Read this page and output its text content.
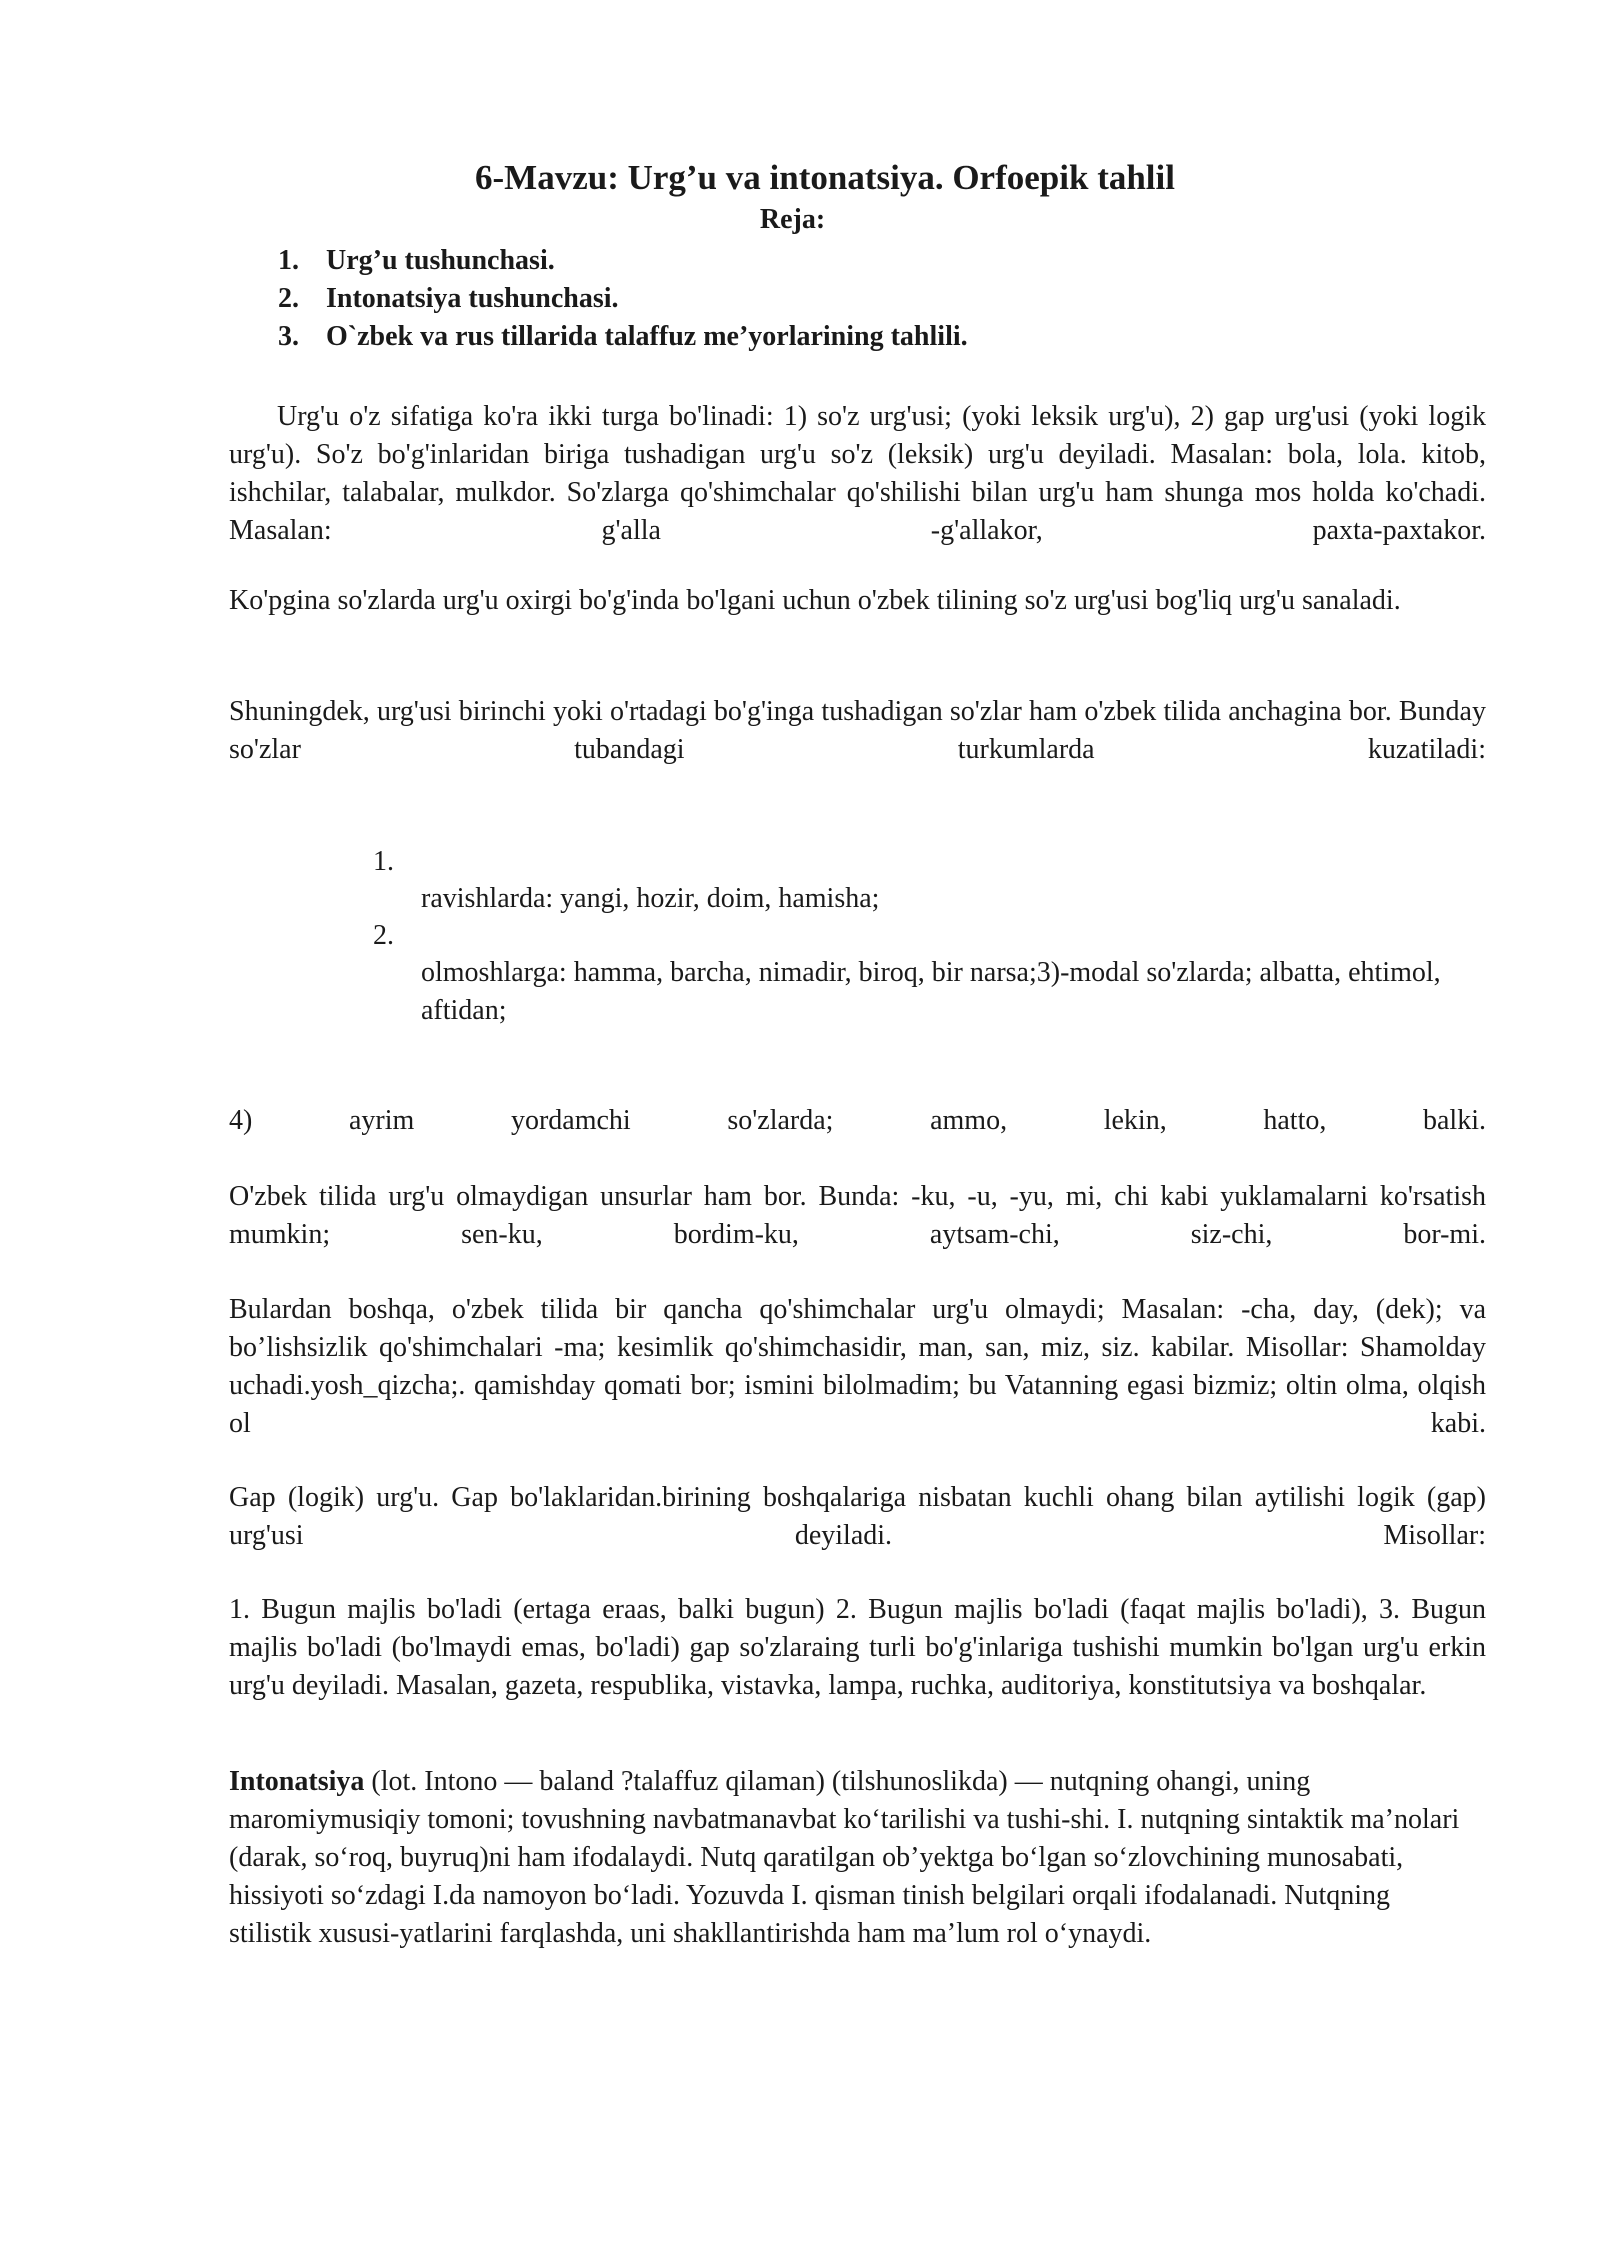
6-Mavzu: Urg’u va intonatsiya. Orfoepik tahlil
Reja:
1. Urg’u tushunchasi.
2. Intonatsiya tushunchasi.
3. O`zbek va rus tillarida talaffuz me’yorlarining tahlili.

Urg'u o'z sifatiga ko'ra ikki turga bo'linadi: 1) so'z urg'usi; (yoki leksik urg'u), 2) gap urg'usi (yoki logik urg'u). So'z bo'g'inlaridan biriga tushadigan urg'u so'z (leksik) urg'u deyiladi. Masalan: bola, lola. kitob, ishchilar, talabalar, mulkdor. So'zlarga qo'shimchalar qo'shilishi bilan urg'u ham shunga mos holda ko'chadi. Masalan: g'alla -g'allakor, paxta-paxtakor.

Ko'pgina so'zlarda urg'u oxirgi bo'g'inda bo'lgani uchun o'zbek tilining so'z urg'usi bog'liq urg'u sanaladi.

Shuningdek, urg'usi birinchi yoki o'rtadagi bo'g'inga tushadigan so'zlar ham o'zbek tilida anchagina bor. Bunday so'zlar tubandagi turkumlarda kuzatiladi:

1.
ravishlarda: yangi, hozir, doim, hamisha;
2.
olmoshlarga: hamma, barcha, nimadir, biroq, bir narsa;3)-modal so'zlarda; albatta, ehtimol, aftidan;

4) ayrim yordamchi so'zlarda; ammo, lekin, hatto, balki.

O'zbek tilida urg'u olmaydigan unsurlar ham bor. Bunda: -ku, -u, -yu, mi, chi kabi yuklamalarni ko'rsatish mumkin; sen-ku, bordim-ku, aytsam-chi, siz-chi, bor-mi.

Bulardan boshqa, o'zbek tilida bir qancha qo'shimchalar urg'u olmaydi; Masalan: -cha, day, (dek); va bo’lishsizlik qo'shimchalari -ma; kesimlik qo'shimchasidir, man, san, miz, siz. kabilar. Misollar: Shamolday uchadi.yosh_qizcha;. qamishday qomati bor; ismini bilolmadim; bu Vatanning egasi bizmiz; oltin olma, olqish ol kabi.

Gap (logik) urg'u. Gap bo'laklaridan.birining boshqalariga nisbatan kuchli ohang bilan aytilishi logik (gap) urg'usi deyiladi. Misollar:

1. Bugun majlis bo'ladi (ertaga eraas, balki bugun) 2. Bugun majlis bo'ladi (faqat majlis bo'ladi), 3. Bugun majlis bo'ladi (bo'lmaydi emas, bo'ladi) gap so'zlaraing turli bo'g'inlariga tushishi mumkin bo'lgan urg'u erkin urg'u deyiladi. Masalan, gazeta, respublika, vistavka, lampa, ruchka, auditoriya, konstitutsiya va boshqalar.

Intonatsiya (lot. Intono — baland ?talaffuz qilaman) (tilshunoslikda) — nutqning ohangi, uning maromiymusiqiy tomoni; tovushning navbatmanavbat ko‘tarilishi va tushi-shi. I. nutqning sintaktik ma’nolari (darak, so‘roq, buyruq)ni ham ifodalaydi. Nutq qaratilgan ob’yektga bo‘lgan so‘zlovchining munosabati, hissiyoti so‘zdagi I.da namoyon bo‘ladi. Yozuvda I. qisman tinish belgilari orqali ifodalanadi. Nutqning stilistik xususi-yatlarini farqlashda, uni shakllantirishda ham ma’lum rol o‘ynaydi.
